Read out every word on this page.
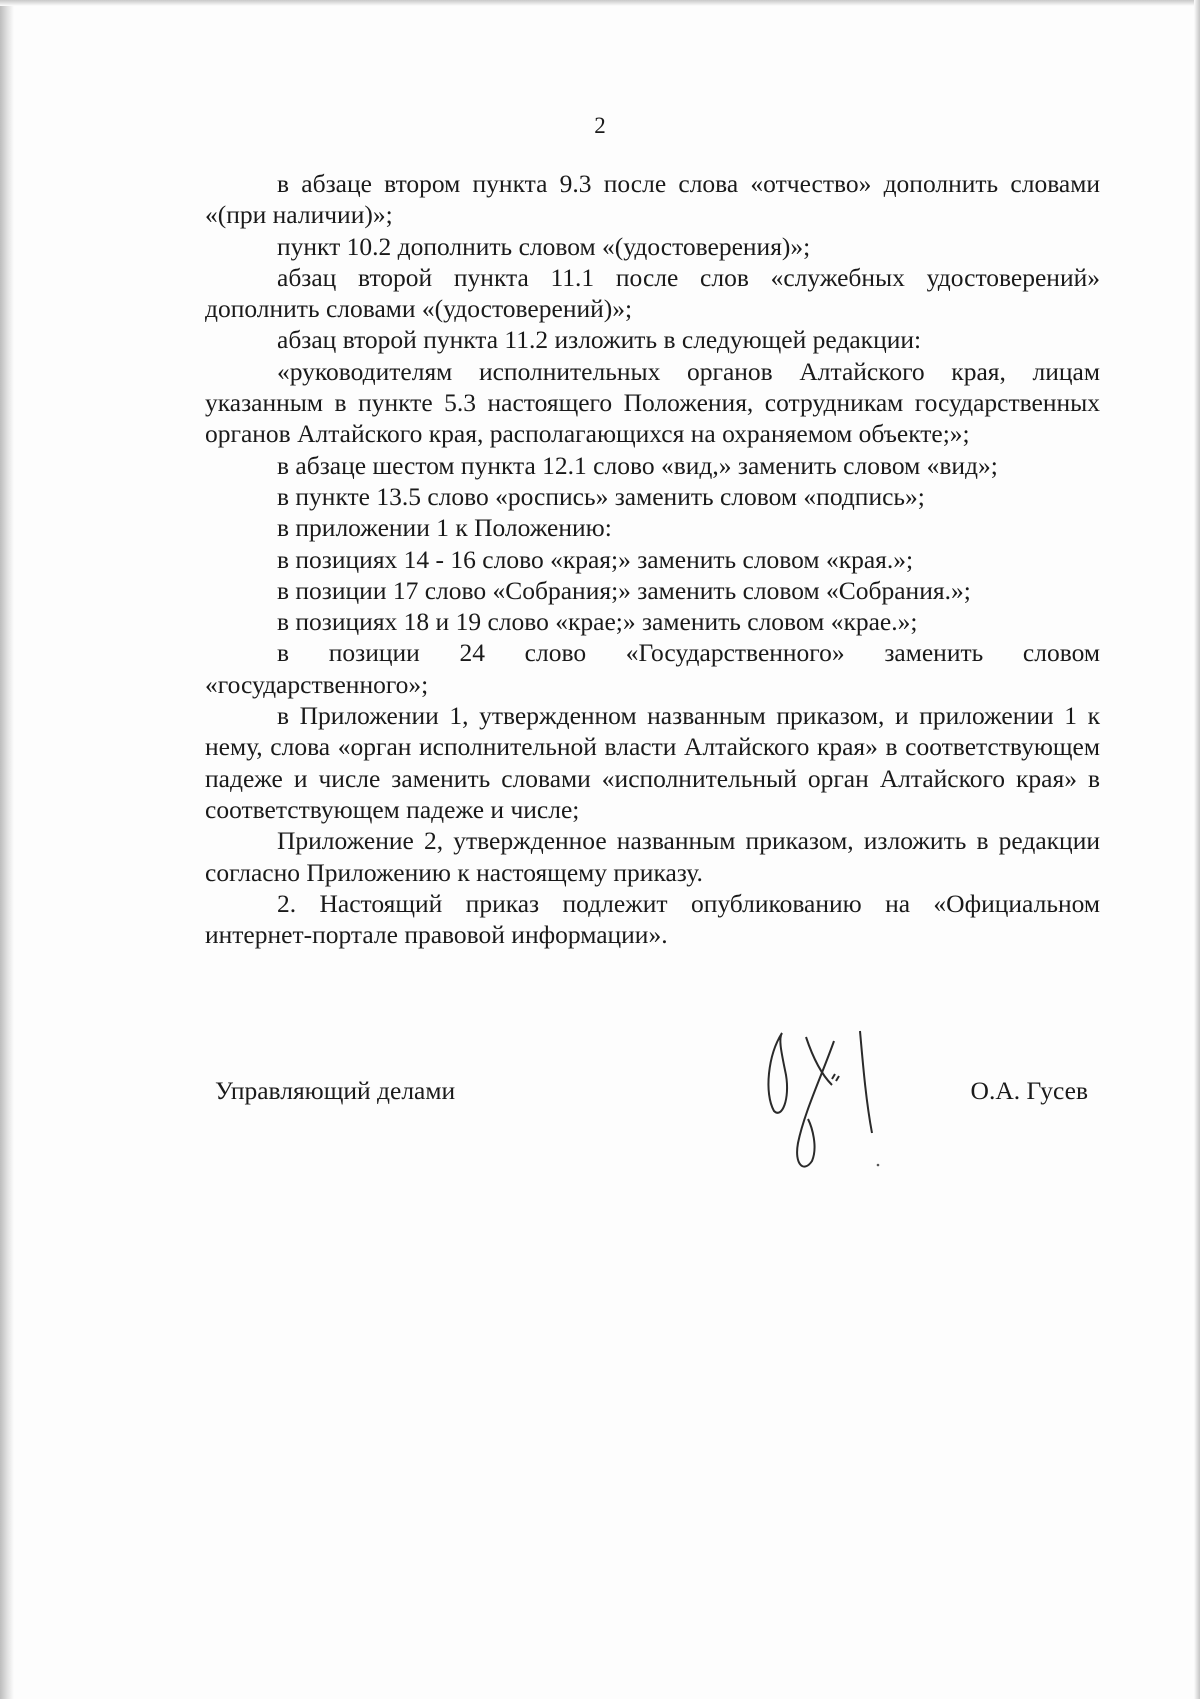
2

в абзаце втором пункта 9.3 после слова «отчество» дополнить словами «(при наличии)»;

пункт 10.2 дополнить словом «(удостоверения)»;

абзац второй пункта 11.1 после слов «служебных удостоверений» дополнить словами «(удостоверений)»;

абзац второй пункта 11.2 изложить в следующей редакции:

«руководителям исполнительных органов Алтайского края, лицам указанным в пункте 5.3 настоящего Положения, сотрудникам государственных органов Алтайского края, располагающихся на охраняемом объекте;»;

в абзаце шестом пункта 12.1 слово «вид,» заменить словом «вид»;

в пункте 13.5 слово «роспись» заменить словом «подпись»;

в приложении 1 к Положению:

в позициях 14 - 16 слово «края;» заменить словом «края.»;

в позиции 17 слово «Собрания;» заменить словом «Собрания.»;

в позициях 18 и 19 слово «крае;» заменить словом «крае.»;

в позиции 24 слово «Государственного» заменить словом «государственного»;

в Приложении 1, утвержденном названным приказом, и приложении 1 к нему, слова «орган исполнительной власти Алтайского края» в соответствующем падеже и числе заменить словами «исполнительный орган Алтайского края» в соответствующем падеже и числе;

Приложение 2, утвержденное названным приказом, изложить в редакции согласно Приложению к настоящему приказу.

2. Настоящий приказ подлежит опубликованию на «Официальном интернет-портале правовой информации».

Управляющий делами	О.А. Гусев
